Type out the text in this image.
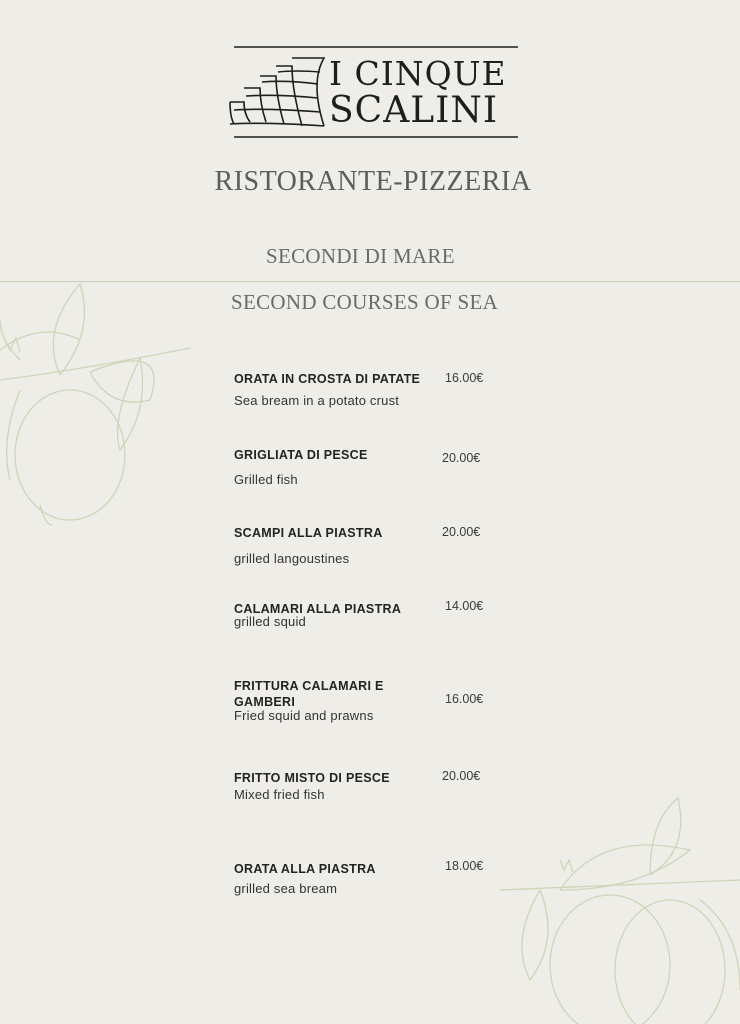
I CINQUE
SCALINI
RISTORANTE-PIZZERIA
SECONDI DI MARE
SECOND COURSES OF SEA
ORATA IN CROSTA DI PATATE	16.00€
Sea bream in a potato crust
GRIGLIATA DI PESCE	20.00€
Grilled fish
SCAMPI ALLA PIASTRA	20.00€
grilled langoustines
CALAMARI ALLA PIASTRA	14.00€
grilled squid
FRITTURA CALAMARI E GAMBERI	16.00€
Fried squid and prawns
FRITTO MISTO DI PESCE	20.00€
Mixed fried fish
ORATA ALLA PIASTRA	18.00€
grilled sea bream
